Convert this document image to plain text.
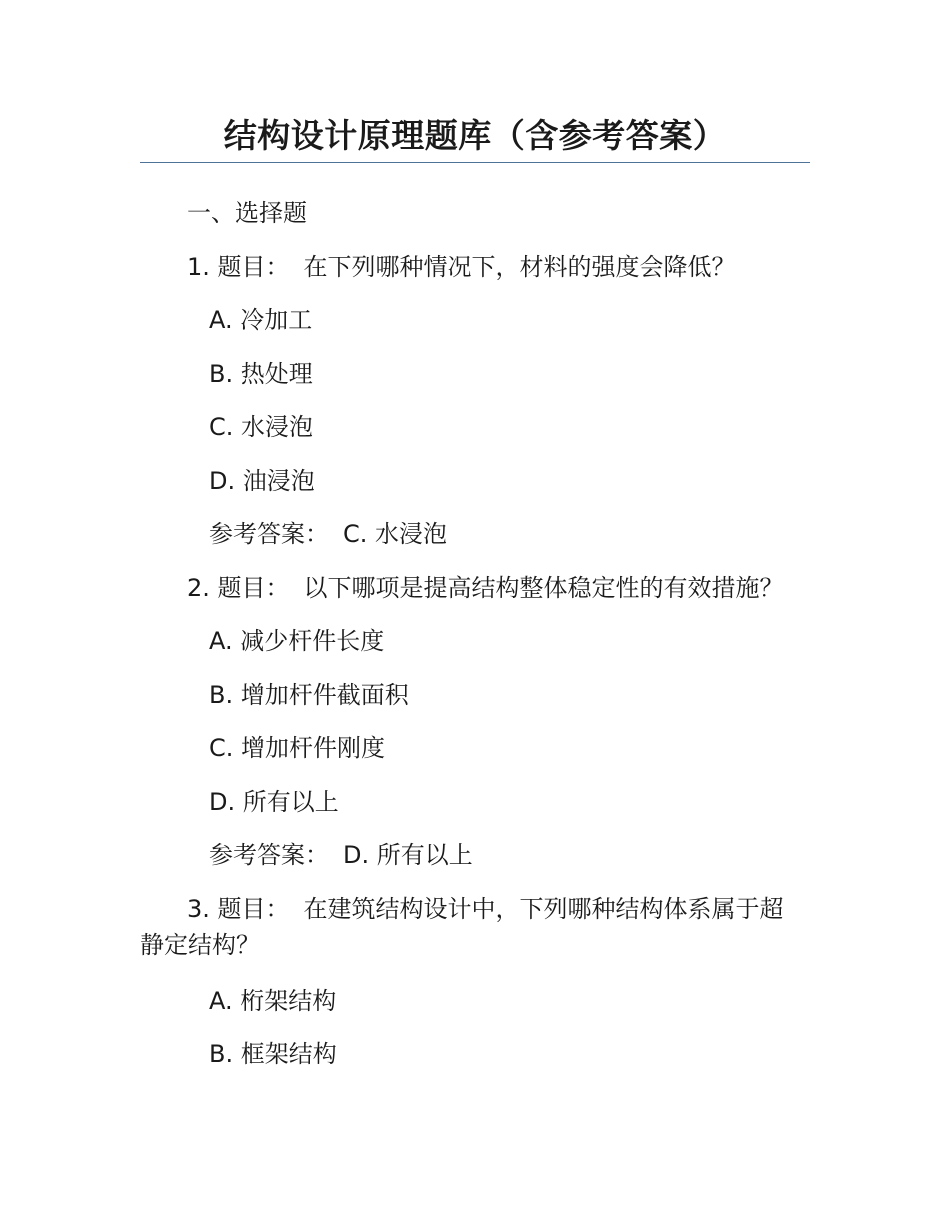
结构设计原理题库（含参考答案）
一、选择题
1. 题目： 在下列哪种情况下，材料的强度会降低？
A. 冷加工
B. 热处理
C. 水浸泡
D. 油浸泡
参考答案： C. 水浸泡
2. 题目： 以下哪项是提高结构整体稳定性的有效措施？
A. 减少杆件长度
B. 增加杆件截面积
C. 增加杆件刚度
D. 所有以上
参考答案： D. 所有以上
3. 题目： 在建筑结构设计中，下列哪种结构体系属于超
静定结构？
A. 桁架结构
B. 框架结构
